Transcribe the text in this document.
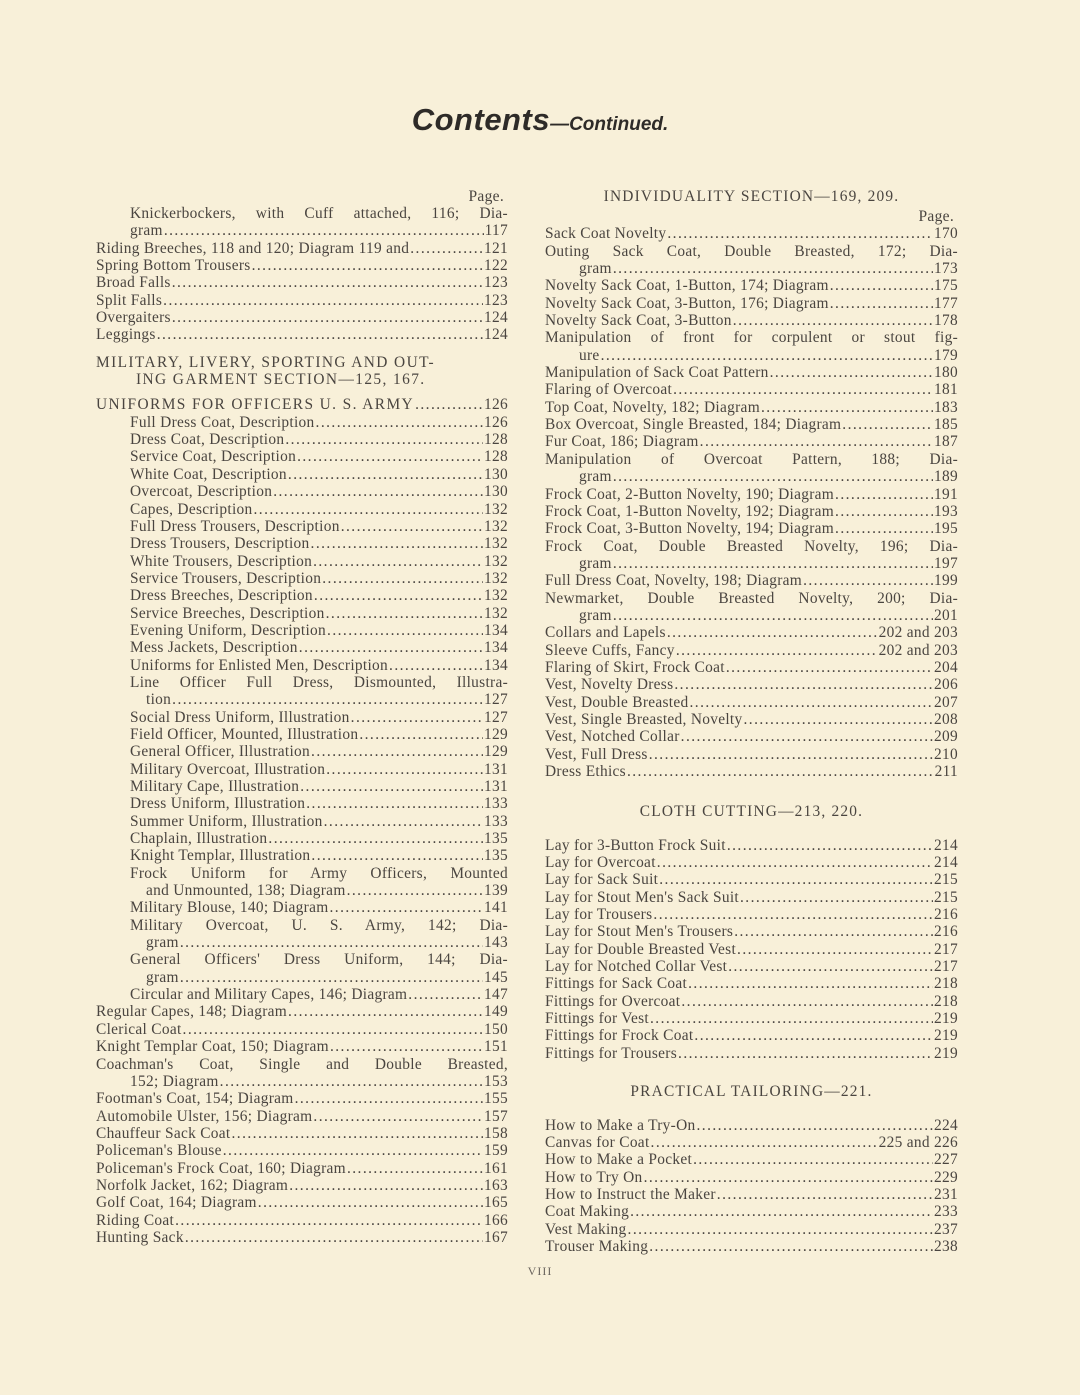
Contents—Continued.
Page.
Knickerbockers, with Cuff attached, 116; Dia-
gram . . .	117
Riding Breeches, 118 and 120; Diagram 119 and . . .	121
Spring Bottom Trousers . . .	122
Broad Falls . . .	123
Split Falls . . .	123
Overgaiters . . .	124
Leggings . . .	124
MILITARY, LIVERY, SPORTING AND OUT-
ING GARMENT SECTION—125, 167.
UNIFORMS FOR OFFICERS U. S. ARMY . . .	126
Full Dress Coat, Description . . .	126
Dress Coat, Description . . .	128
Service Coat, Description . . .	128
White Coat, Description . . .	130
Overcoat, Description . . .	130
Capes, Description . . .	132
Full Dress Trousers, Description . . .	132
Dress Trousers, Description . . .	132
White Trousers, Description . . .	132
Service Trousers, Description . . .	132
Dress Breeches, Description . . .	132
Service Breeches, Description . . .	132
Evening Uniform, Description . . .	134
Mess Jackets, Description . . .	134
Uniforms for Enlisted Men, Description . . .	134
Line Officer Full Dress, Dismounted, Illustra-
tion . . .	127
Social Dress Uniform, Illustration . . .	127
Field Officer, Mounted, Illustration . . .	129
General Officer, Illustration . . .	129
Military Overcoat, Illustration . . .	131
Military Cape, Illustration . . .	131
Dress Uniform, Illustration . . .	133
Summer Uniform, Illustration . . .	133
Chaplain, Illustration . . .	135
Knight Templar, Illustration . . .	135
Frock Uniform for Army Officers, Mounted
and Unmounted, 138; Diagram . . .	139
Military Blouse, 140; Diagram . . .	141
Military Overcoat, U. S. Army, 142; Dia-
gram . . .	143
General Officers' Dress Uniform, 144; Dia-
gram . . .	145
Circular and Military Capes, 146; Diagram . . .	147
Regular Capes, 148; Diagram . . .	149
Clerical Coat . . .	150
Knight Templar Coat, 150; Diagram . . .	151
Coachman's Coat, Single and Double Breasted,
152; Diagram . . .	153
Footman's Coat, 154; Diagram . . .	155
Automobile Ulster, 156; Diagram . . .	157
Chauffeur Sack Coat . . .	158
Policeman's Blouse . . .	159
Policeman's Frock Coat, 160; Diagram . . .	161
Norfolk Jacket, 162; Diagram . . .	163
Golf Coat, 164; Diagram . . .	165
Riding Coat . . .	166
Hunting Sack . . .	167
INDIVIDUALITY SECTION—169, 209.
Page.
Sack Coat Novelty . . .	170
Outing Sack Coat, Double Breasted, 172; Dia-
gram . . .	173
Novelty Sack Coat, 1-Button, 174; Diagram . . .	175
Novelty Sack Coat, 3-Button, 176; Diagram . . .	177
Novelty Sack Coat, 3-Button . . .	178
Manipulation of front for corpulent or stout fig-
ure . . .	179
Manipulation of Sack Coat Pattern . . .	180
Flaring of Overcoat . . .	181
Top Coat, Novelty, 182; Diagram . . .	183
Box Overcoat, Single Breasted, 184; Diagram . . .	185
Fur Coat, 186; Diagram . . .	187
Manipulation of Overcoat Pattern, 188; Dia-
gram . . .	189
Frock Coat, 2-Button Novelty, 190; Diagram . . .	191
Frock Coat, 1-Button Novelty, 192; Diagram . . .	193
Frock Coat, 3-Button Novelty, 194; Diagram . . .	195
Frock Coat, Double Breasted Novelty, 196; Dia-
gram . . .	197
Full Dress Coat, Novelty, 198; Diagram . . .	199
Newmarket, Double Breasted Novelty, 200; Dia-
gram . . .	201
Collars and Lapels . . .	202 and 203
Sleeve Cuffs, Fancy . . .	202 and 203
Flaring of Skirt, Frock Coat . . .	204
Vest, Novelty Dress . . .	206
Vest, Double Breasted . . .	207
Vest, Single Breasted, Novelty . . .	208
Vest, Notched Collar . . .	209
Vest, Full Dress . . .	210
Dress Ethics . . .	211
CLOTH CUTTING—213, 220.
Lay for 3-Button Frock Suit . . .	214
Lay for Overcoat . . .	214
Lay for Sack Suit . . .	215
Lay for Stout Men's Sack Suit . . .	215
Lay for Trousers . . .	216
Lay for Stout Men's Trousers . . .	216
Lay for Double Breasted Vest . . .	217
Lay for Notched Collar Vest . . .	217
Fittings for Sack Coat . . .	218
Fittings for Overcoat . . .	218
Fittings for Vest . . .	219
Fittings for Frock Coat . . .	219
Fittings for Trousers . . .	219
PRACTICAL TAILORING—221.
How to Make a Try-On . . .	224
Canvas for Coat . . .	225 and 226
How to Make a Pocket . . .	227
How to Try On . . .	229
How to Instruct the Maker . . .	231
Coat Making . . .	233
Vest Making . . .	237
Trouser Making . . .	238
VIII
